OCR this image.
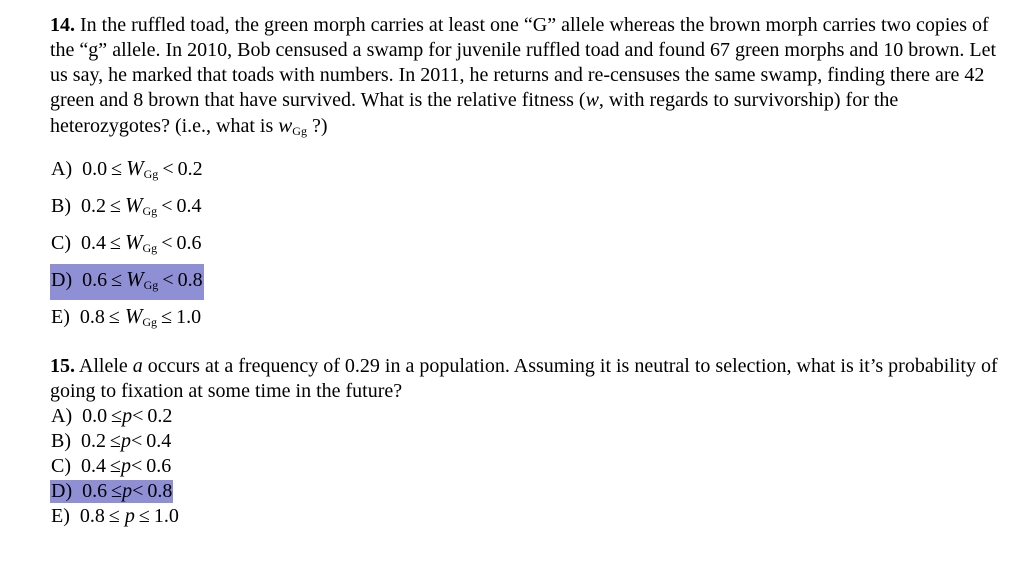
14. In the ruffled toad, the green morph carries at least one “G” allele whereas the brown morph carries two copies of the “g” allele. In 2010, Bob censused a swamp for juvenile ruffled toad and found 67 green morphs and 10 brown. Let us say, he marked that toads with numbers. In 2011, he returns and re-censuses the same swamp, finding there are 42 green and 8 brown that have survived. What is the relative fitness (w, with regards to survivorship) for the heterozygotes? (i.e., what is $w_{Gg}$ ?)

A) $0.0 \le W_{Gg} < 0.2$
B) $0.2 \le W_{Gg} < 0.4$
C) $0.4 \le W_{Gg} < 0.6$
D) $0.6 \le W_{Gg} < 0.8$
E) $0.8 \le W_{Gg} \le 1.0$

15. Allele a occurs at a frequency of 0.29 in a population. Assuming it is neutral to selection, what is it’s probability of going to fixation at some time in the future?

A) 0.0  ≤p<  0.2
B) 0.2  ≤p<  0.4
C) 0.4  ≤p<  0.6
D) 0.6  ≤p<  0.8
E) 0.8  ≤ p  ≤  1.0
